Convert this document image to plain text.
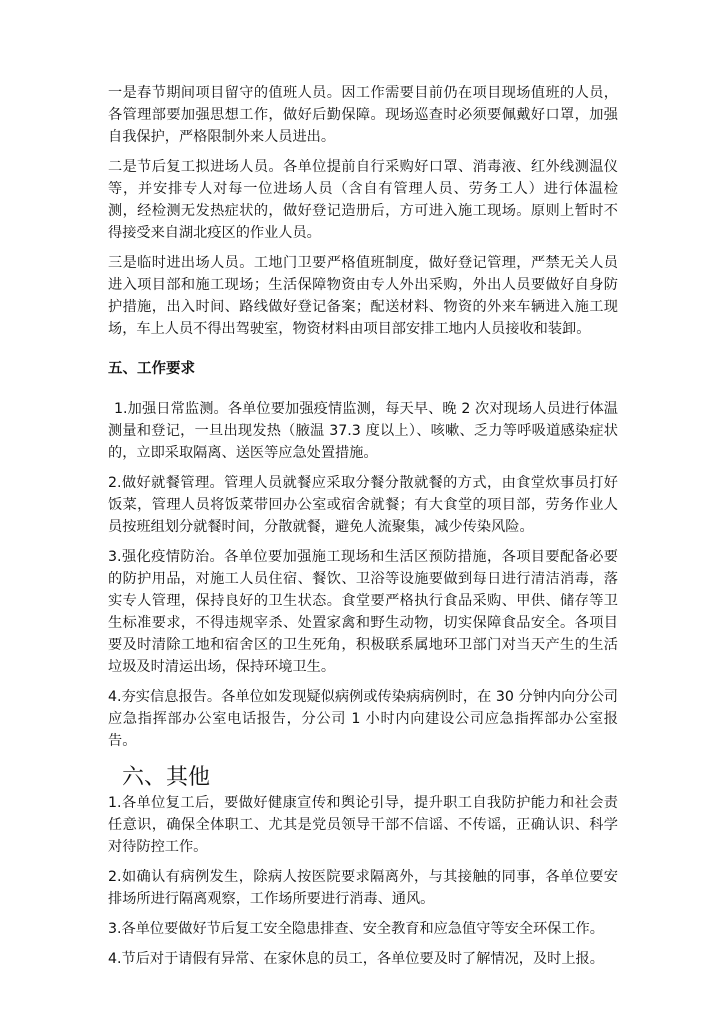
一是春节期间项目留守的值班人员。因工作需要目前仍在项目现场值班的人员，各管理部要加强思想工作，做好后勤保障。现场巡查时必须要佩戴好口罩，加强自我保护，严格限制外来人员进出。

二是节后复工拟进场人员。各单位提前自行采购好口罩、消毒液、红外线测温仪等，并安排专人对每一位进场人员（含自有管理人员、劳务工人）进行体温检测，经检测无发热症状的，做好登记造册后，方可进入施工现场。原则上暂时不得接受来自湖北疫区的作业人员。

三是临时进出场人员。工地门卫要严格值班制度，做好登记管理，严禁无关人员进入项目部和施工现场；生活保障物资由专人外出采购，外出人员要做好自身防护措施，出入时间、路线做好登记备案；配送材料、物资的外来车辆进入施工现场，车上人员不得出驾驶室，物资材料由项目部安排工地内人员接收和装卸。

五、工作要求

1.加强日常监测。各单位要加强疫情监测，每天早、晚 2 次对现场人员进行体温测量和登记，一旦出现发热（腋温 37.3 度以上）、咳嗽、乏力等呼吸道感染症状的，立即采取隔离、送医等应急处置措施。

2.做好就餐管理。管理人员就餐应采取分餐分散就餐的方式，由食堂炊事员打好饭菜，管理人员将饭菜带回办公室或宿舍就餐；有大食堂的项目部，劳务作业人员按班组划分就餐时间，分散就餐，避免人流聚集，减少传染风险。

3.强化疫情防治。各单位要加强施工现场和生活区预防措施，各项目要配备必要的防护用品，对施工人员住宿、餐饮、卫浴等设施要做到每日进行清洁消毒，落实专人管理，保持良好的卫生状态。食堂要严格执行食品采购、甲供、储存等卫生标准要求，不得违规宰杀、处置家禽和野生动物，切实保障食品安全。各项目要及时清除工地和宿舍区的卫生死角，积极联系属地环卫部门对当天产生的生活垃圾及时清运出场，保持环境卫生。

4.夯实信息报告。各单位如发现疑似病例或传染病病例时，在 30 分钟内向分公司应急指挥部办公室电话报告，分公司 1 小时内向建设公司应急指挥部办公室报告。

六、其他

1.各单位复工后，要做好健康宣传和舆论引导，提升职工自我防护能力和社会责任意识，确保全体职工、尤其是党员领导干部不信谣、不传谣，正确认识、科学对待防控工作。

2.如确认有病例发生，除病人按医院要求隔离外，与其接触的同事，各单位要安排场所进行隔离观察，工作场所要进行消毒、通风。

3.各单位要做好节后复工安全隐患排查、安全教育和应急值守等安全环保工作。

4.节后对于请假有异常、在家休息的员工，各单位要及时了解情况，及时上报。
